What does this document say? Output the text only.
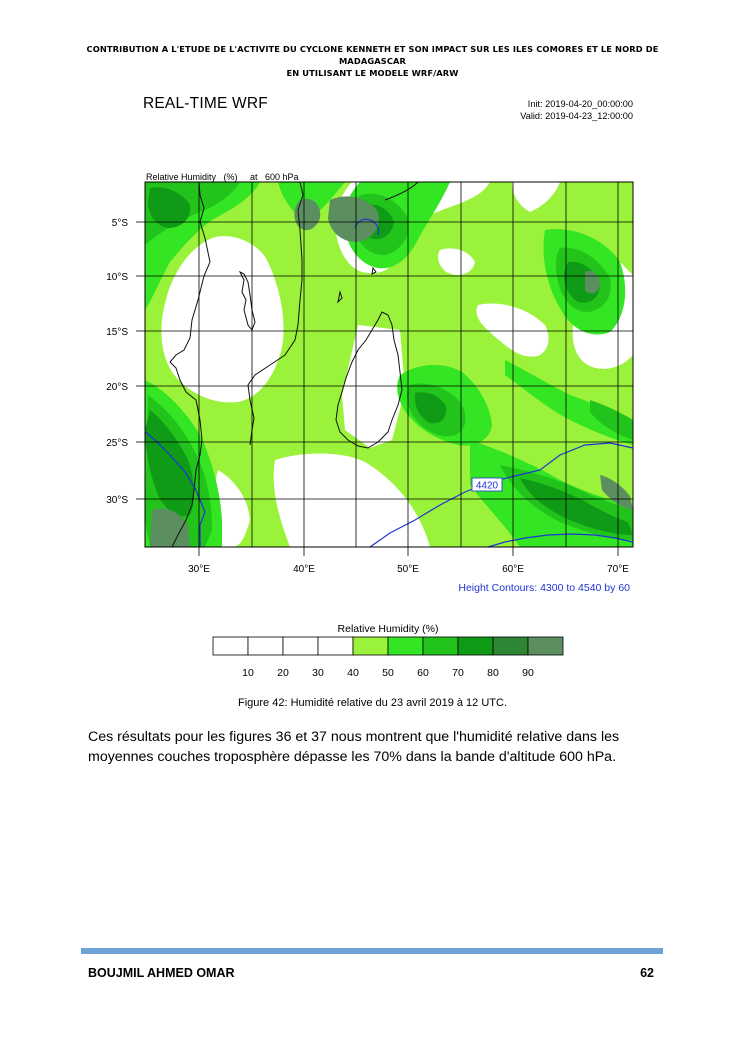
CONTRIBUTION A L'ETUDE DE L'ACTIVITE DU CYCLONE KENNETH ET SON IMPACT SUR LES ILES COMORES ET LE NORD DE MADAGASCAR
EN UTILISANT LE MODELE WRF/ARW
REAL-TIME WRF	Init: 2019-04-20_00:00:00
Valid: 2019-04-23_12:00:00

Relative Humidity   (%)     at   600 hPa

4420
5°S
10°S
15°S
20°S
25°S
30°S
30°E	40°E	50°E	60°E	70°E
Height Contours: 4300 to 4540 by 60
Relative Humidity (%)
10 20 30 40 50 60 70 80 90
Figure 42: Humidité relative du 23 avril 2019 à 12 UTC.
Ces résultats pour les figures 36 et 37 nous montrent que l'humidité relative dans les moyennes couches troposphère dépasse les 70% dans la bande d'altitude 600 hPa.
BOUJMIL AHMED OMAR	62
